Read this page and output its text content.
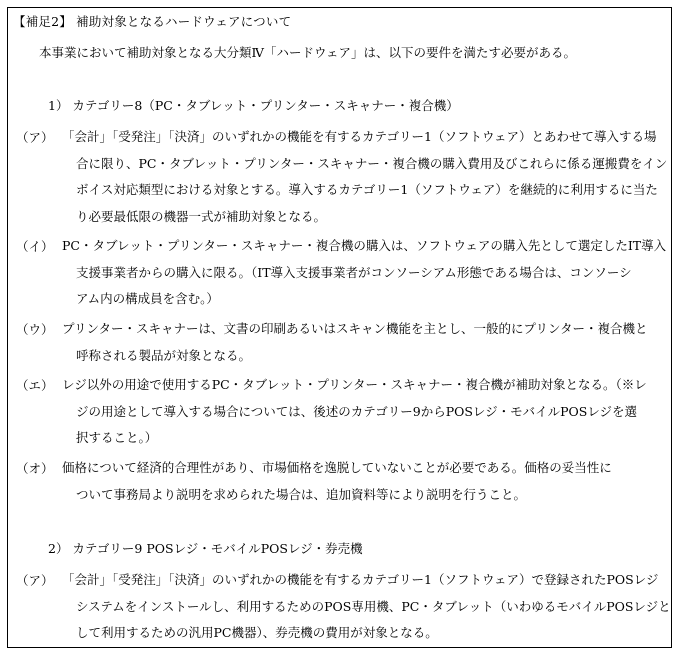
【補足2】 補助対象となるハードウェアについて
本事業において補助対象となる大分類Ⅳ「ハードウェア」は、以下の要件を満たす必要がある。
1） カテゴリー8（PC・タブレット・プリンター・スキャナー・複合機）
（ア） 「会計」「受発注」「決済」のいずれかの機能を有するカテゴリー1（ソフトウェア）とあわせて導入する場
合に限り、PC・タブレット・プリンター・スキャナー・複合機の購入費用及びこれらに係る運搬費をイン
ボイス対応類型における対象とする。導入するカテゴリー1（ソフトウェア）を継続的に利用するに当た
り必要最低限の機器一式が補助対象となる。
（イ） PC・タブレット・プリンター・スキャナー・複合機の購入は、ソフトウェアの購入先として選定したIT導入
支援事業者からの購入に限る。（IT導入支援事業者がコンソーシアム形態である場合は、コンソーシ
アム内の構成員を含む。）
（ウ） プリンター・スキャナーは、文書の印刷あるいはスキャン機能を主とし、一般的にプリンター・複合機と
呼称される製品が対象となる。
（エ） レジ以外の用途で使用するPC・タブレット・プリンター・スキャナー・複合機が補助対象となる。（※レ
ジの用途として導入する場合については、後述のカテゴリー9からPOSレジ・モバイルPOSレジを選
択すること。）
（オ） 価格について経済的合理性があり、市場価格を逸脱していないことが必要である。価格の妥当性に
ついて事務局より説明を求められた場合は、追加資料等により説明を行うこと。
2） カテゴリー9 POSレジ・モバイルPOSレジ・券売機
（ア） 「会計」「受発注」「決済」のいずれかの機能を有するカテゴリー1（ソフトウェア）で登録されたPOSレジ
システムをインストールし、利用するためのPOS専用機、PC・タブレット（いわゆるモバイルPOSレジと
して利用するための汎用PC機器）、券売機の費用が対象となる。
